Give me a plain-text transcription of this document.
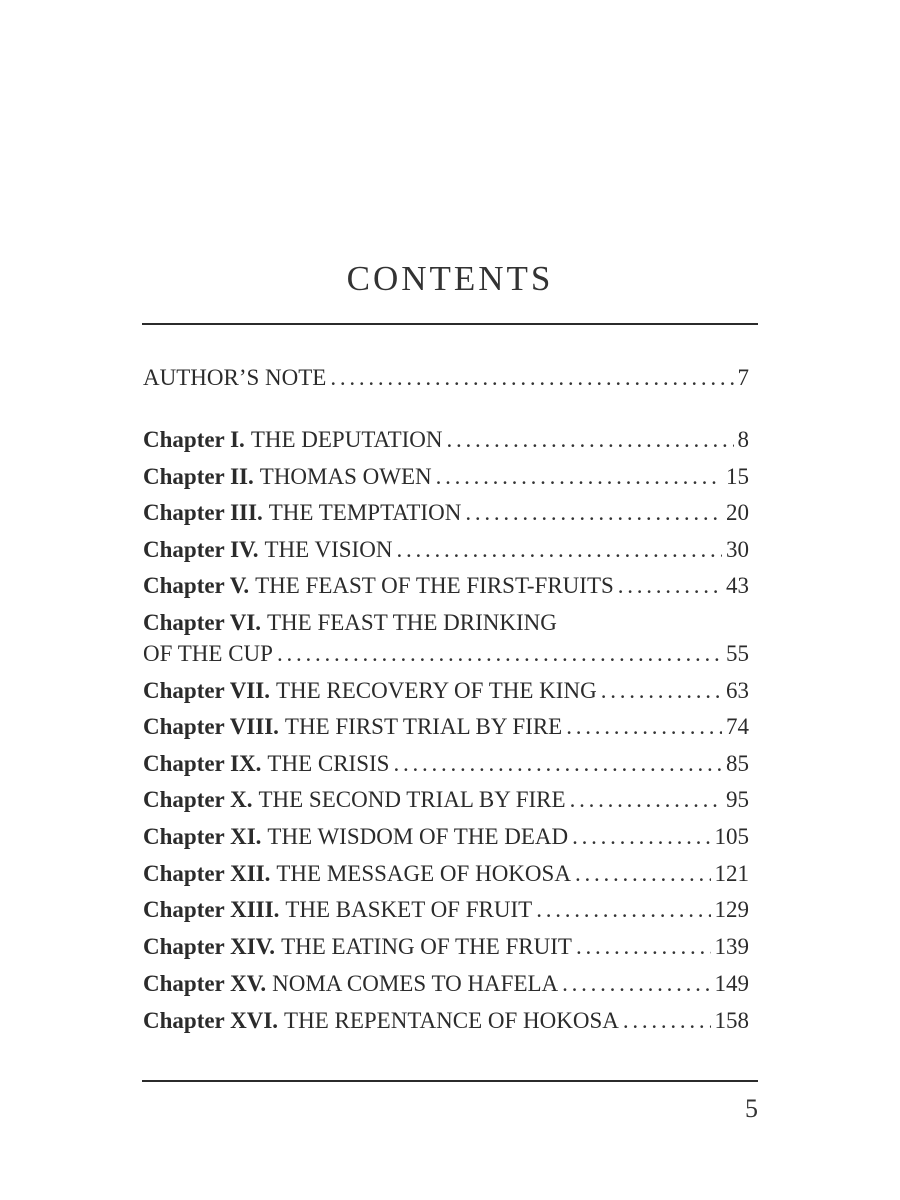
CONTENTS
AUTHOR’S NOTE . . .	7
Chapter I. THE DEPUTATION . . .	8
Chapter II. THOMAS OWEN . . .	15
Chapter III. THE TEMPTATION . . .	20
Chapter IV. THE VISION . . .	30
Chapter V. THE FEAST OF THE FIRST-FRUITS . . .	43
Chapter VI. THE FEAST THE DRINKING
OF THE CUP . . .	55
Chapter VII. THE RECOVERY OF THE KING . . .	63
Chapter VIII. THE FIRST TRIAL BY FIRE . . .	74
Chapter IX. THE CRISIS . . .	85
Chapter X. THE SECOND TRIAL BY FIRE . . .	95
Chapter XI. THE WISDOM OF THE DEAD . . .	105
Chapter XII. THE MESSAGE OF HOKOSA . . .	121
Chapter XIII. THE BASKET OF FRUIT . . .	129
Chapter XIV. THE EATING OF THE FRUIT . . .	139
Chapter XV. NOMA COMES TO HAFELA . . .	149
Chapter XVI. THE REPENTANCE OF HOKOSA . . .	158
5
